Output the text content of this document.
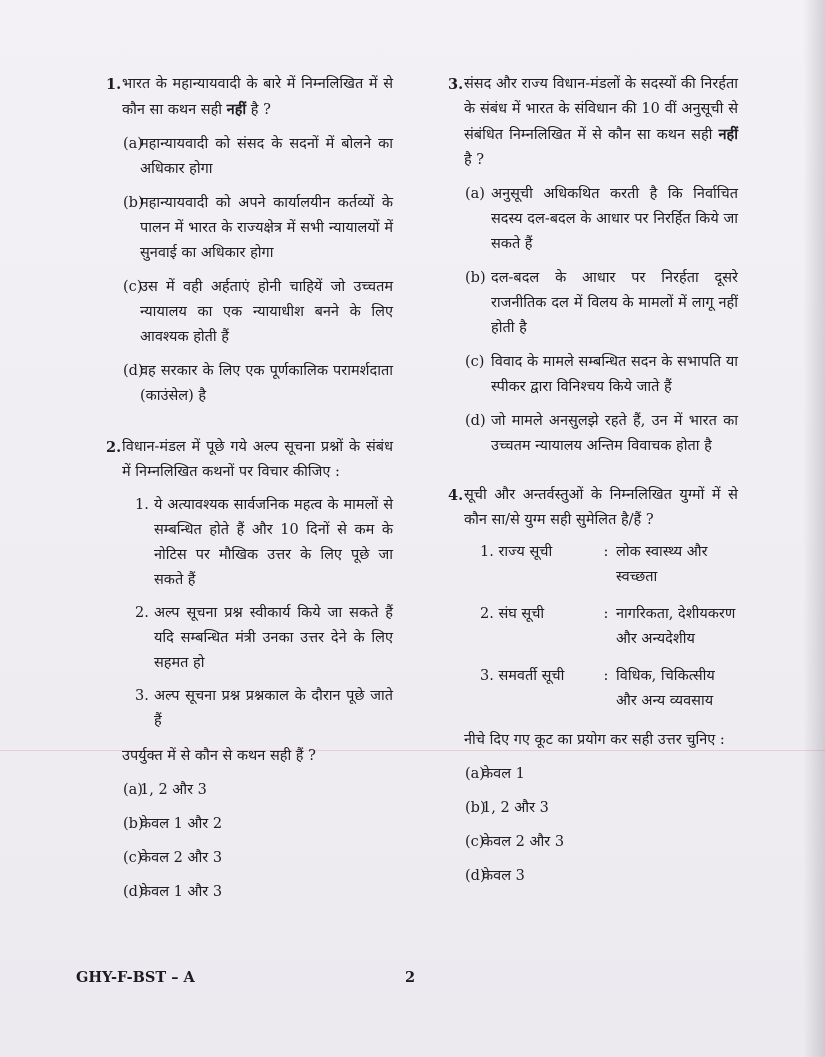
1. भारत के महान्यायवादी के बारे में निम्नलिखित में से कौन सा कथन सही नहीं है ?
(a)
महान्यायवादी को संसद के सदनों में बोलने का अधिकार होगा
(b)
महान्यायवादी को अपने कार्यालयीन कर्तव्यों के पालन में भारत के राज्यक्षेत्र में सभी न्यायालयों में सुनवाई का अधिकार होगा
(c)
उस में वही अर्हताएं होनी चाहियें जो उच्चतम न्यायालय का एक न्यायाधीश बनने के लिए आवश्यक होती हैं
(d)
वह सरकार के लिए एक पूर्णकालिक परामर्शदाता (काउंसेल) है
2. विधान-मंडल में पूछे गये अल्प सूचना प्रश्नों के संबंध में निम्नलिखित कथनों पर विचार कीजिए :
1. ये अत्यावश्यक सार्वजनिक महत्व के मामलों से सम्बन्धित होते हैं और 10 दिनों से कम के नोटिस पर मौखिक उत्तर के लिए पूछे जा सकते हैं
2. अल्प सूचना प्रश्न स्वीकार्य किये जा सकते हैं यदि सम्बन्धित मंत्री उनका उत्तर देने के लिए सहमत हो
3. अल्प सूचना प्रश्न प्रश्नकाल के दौरान पूछे जाते हैं
उपर्युक्त में से कौन से कथन सही हैं ?
(a)
1, 2 और 3
(b)
केवल 1 और 2
(c)
केवल 2 और 3
(d)
केवल 1 और 3
3. संसद और राज्य विधान-मंडलों के सदस्यों की निरर्हता के संबंध में भारत के संविधान की 10 वीं अनुसूची से संबंधित निम्नलिखित में से कौन सा कथन सही नहीं है ?
(a) अनुसूची अधिकथित करती है कि निर्वाचित सदस्य दल-बदल के आधार पर निरर्हित किये जा सकते हैं
(b) दल-बदल के आधार पर निरर्हता दूसरे राजनीतिक दल में विलय के मामलों में लागू नहीं होती है
(c) विवाद के मामले सम्बन्धित सदन के सभापति या स्पीकर द्वारा विनिश्चय किये जाते हैं
(d) जो मामले अनसुलझे रहते हैं, उन में भारत का उच्चतम न्यायालय अन्तिम विवाचक होता है
4. सूची और अन्तर्वस्तुओं के निम्नलिखित युग्मों में से कौन सा/से युग्म सही सुमेलित है/हैं ?
1. राज्य सूची	: लोक स्वास्थ्य और स्वच्छता
2. संघ सूची	: नागरिकता, देशीयकरण और अन्यदेशीय
3. समवर्ती सूची	: विधिक, चिकित्सीय और अन्य व्यवसाय
नीचे दिए गए कूट का प्रयोग कर सही उत्तर चुनिए :
(a)
केवल 1
(b)
1, 2 और 3
(c)
केवल 2 और 3
(d)
केवल 3
GHY-F-BST – A	2
